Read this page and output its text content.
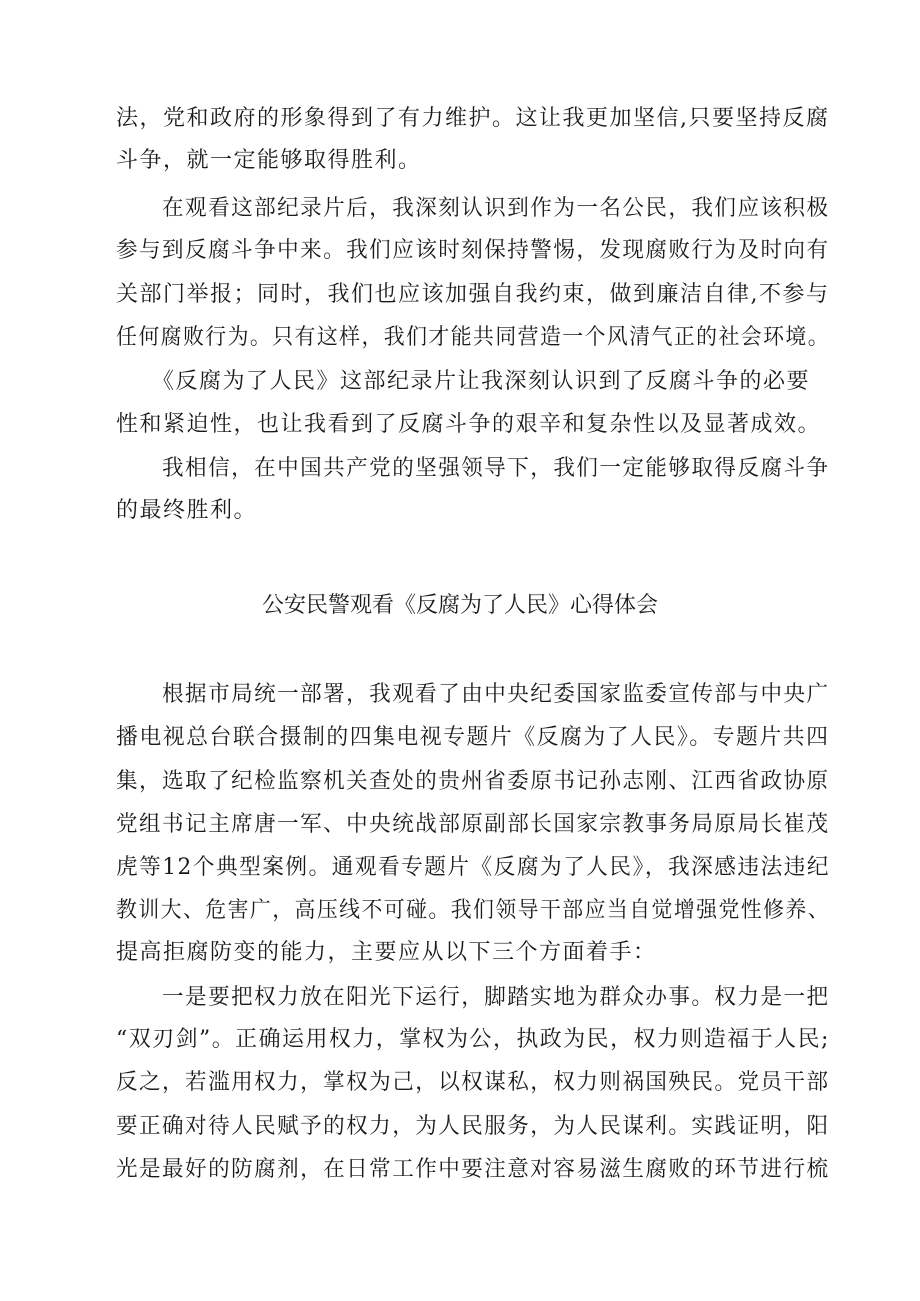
法，党和政府的形象得到了有力维护。这让我更加坚信,只要坚持反腐
斗争，就一定能够取得胜利。
　　在观看这部纪录片后，我深刻认识到作为一名公民，我们应该积极
参与到反腐斗争中来。我们应该时刻保持警惕，发现腐败行为及时向有
关部门举报；同时，我们也应该加强自我约束，做到廉洁自律,不参与
任何腐败行为。只有这样，我们才能共同营造一个风清气正的社会环境。
　　《反腐为了人民》这部纪录片让我深刻认识到了反腐斗争的必要
性和紧迫性，也让我看到了反腐斗争的艰辛和复杂性以及显著成效。
　　我相信，在中国共产党的坚强领导下，我们一定能够取得反腐斗争
的最终胜利。
公安民警观看《反腐为了人民》心得体会
　　根据市局统一部署，我观看了由中央纪委国家监委宣传部与中央广
播电视总台联合摄制的四集电视专题片《反腐为了人民》。专题片共四
集，选取了纪检监察机关查处的贵州省委原书记孙志刚、江西省政协原
党组书记主席唐一军、中央统战部原副部长国家宗教事务局原局长崔茂
虎等12个典型案例。通观看专题片《反腐为了人民》，我深感违法违纪
教训大、危害广，高压线不可碰。我们领导干部应当自觉增强党性修养、
提高拒腐防变的能力，主要应从以下三个方面着手：
　　一是要把权力放在阳光下运行，脚踏实地为群众办事。权力是一把
“双刃剑”。正确运用权力，掌权为公，执政为民，权力则造福于人民;
反之，若滥用权力，掌权为己，以权谋私，权力则祸国殃民。党员干部
要正确对待人民赋予的权力，为人民服务，为人民谋利。实践证明，阳
光是最好的防腐剂，在日常工作中要注意对容易滋生腐败的环节进行梳
